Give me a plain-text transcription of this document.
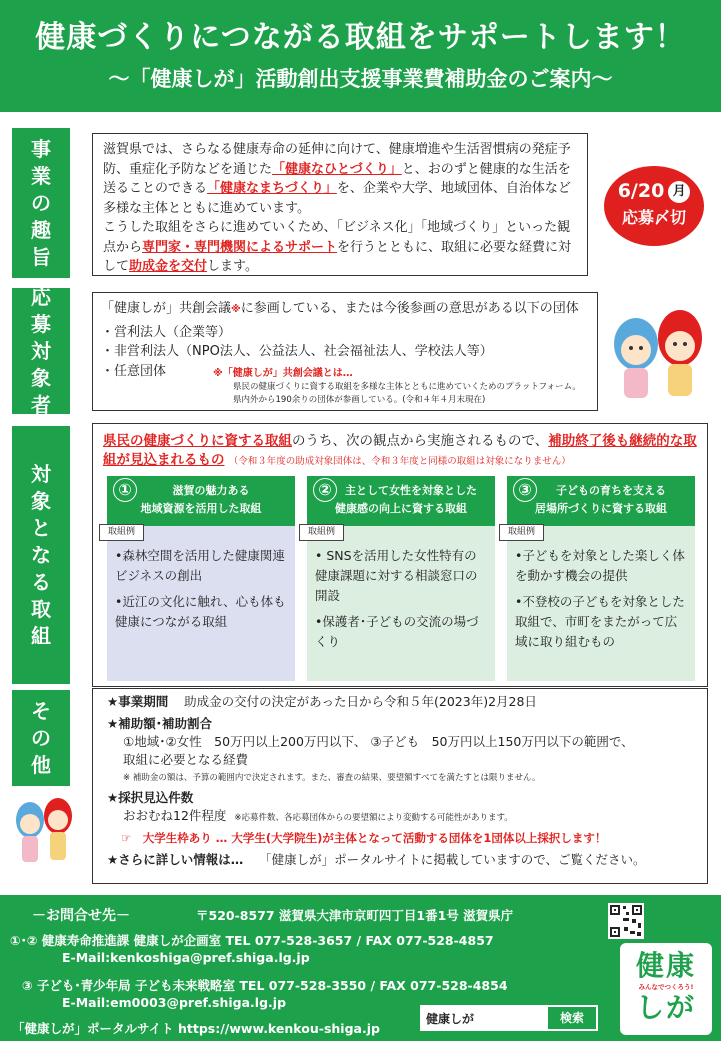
健康づくりにつながる取組をサポートします！
～「健康しが」活動創出支援事業費補助金のご案内～
事業の趣旨
滋賀県では、さらなる健康寿命の延伸に向けて、健康増進や生活習慣病の発症予防、重症化予防などを通じた「健康なひとづくり」と、おのずと健康的な生活を送ることのできる「健康なまちづくり」を、企業や大学、地域団体、自治体など多様な主体とともに進めています。
こうした取組をさらに進めていくため、「ビジネス化」「地域づくり」といった観点から専門家・専門機関によるサポートを行うとともに、取組に必要な経費に対して助成金を交付します。
6/20 月
応募〆切
応募対象者
「健康しが」共創会議※に参画している、または今後参画の意思がある以下の団体
・営利法人（企業等）
・非営利法人（NPO法人、公益法人、社会福祉法人、学校法人等）
・任意団体	※「健康しが」共創会議とは…
県民の健康づくりに資する取組を多様な主体とともに進めていくためのプラットフォーム。
県内外から190余りの団体が参画している。(令和４年４月末現在)
対象となる取組
県民の健康づくりに資する取組のうち、次の観点から実施されるもので、補助終了後も継続的な取組が見込まれるもの （令和３年度の助成対象団体は、令和３年度と同様の取組は対象になりません）
①	滋賀の魅力ある
地域資源を活用した取組
取組例

•森林空間を活用した健康関連ビジネスの創出

•近江の文化に触れ、心も体も健康につながる取組

②	主として女性を対象とした
健康感の向上に資する取組
取組例

• SNSを活用した女性特有の健康課題に対する相談窓口の開設

•保護者･子どもの交流の場づくり

③	子どもの育ちを支える
居場所づくりに資する取組
取組例

•子どもを対象とした楽しく体を動かす機会の提供

•不登校の子どもを対象とした取組で、市町をまたがって広域に取り組むもの

その他
★事業期間 助成金の交付の決定があった日から令和５年(2023年)2月28日
★補助額･補助割合
①地域･②女性　50万円以上200万円以下、 ③子ども　50万円以上150万円以下の範囲で、
取組に必要となる経費
※ 補助金の額は、予算の範囲内で決定されます。また、審査の結果、要望額すべてを満たすとは限りません。
★採択見込件数
おおむね12件程度 ※応募件数、各応募団体からの要望額により変動する可能性があります。
☞　大学生枠あり … 大学生(大学院生)が主体となって活動する団体を1団体以上採択します！
★さらに詳しい情報は… 「健康しが」ポータルサイトに掲載していますので、ご覧ください。
－お問合せ先－	〒520-8577 滋賀県大津市京町四丁目1番1号 滋賀県庁
①･② 健康寿命推進課 健康しが企画室 TEL 077-528-3657 / FAX 077-528-4857
E-Mail:kenkoshiga@pref.shiga.lg.jp
③ 子ども･青少年局 子ども未来戦略室 TEL 077-528-3550 / FAX 077-528-4854
E-Mail:em0003@pref.shiga.lg.jp
「健康しが」ポータルサイト https://www.kenkou-shiga.jp
健康しが
検索
健康
みんなでつくろう!
しが
